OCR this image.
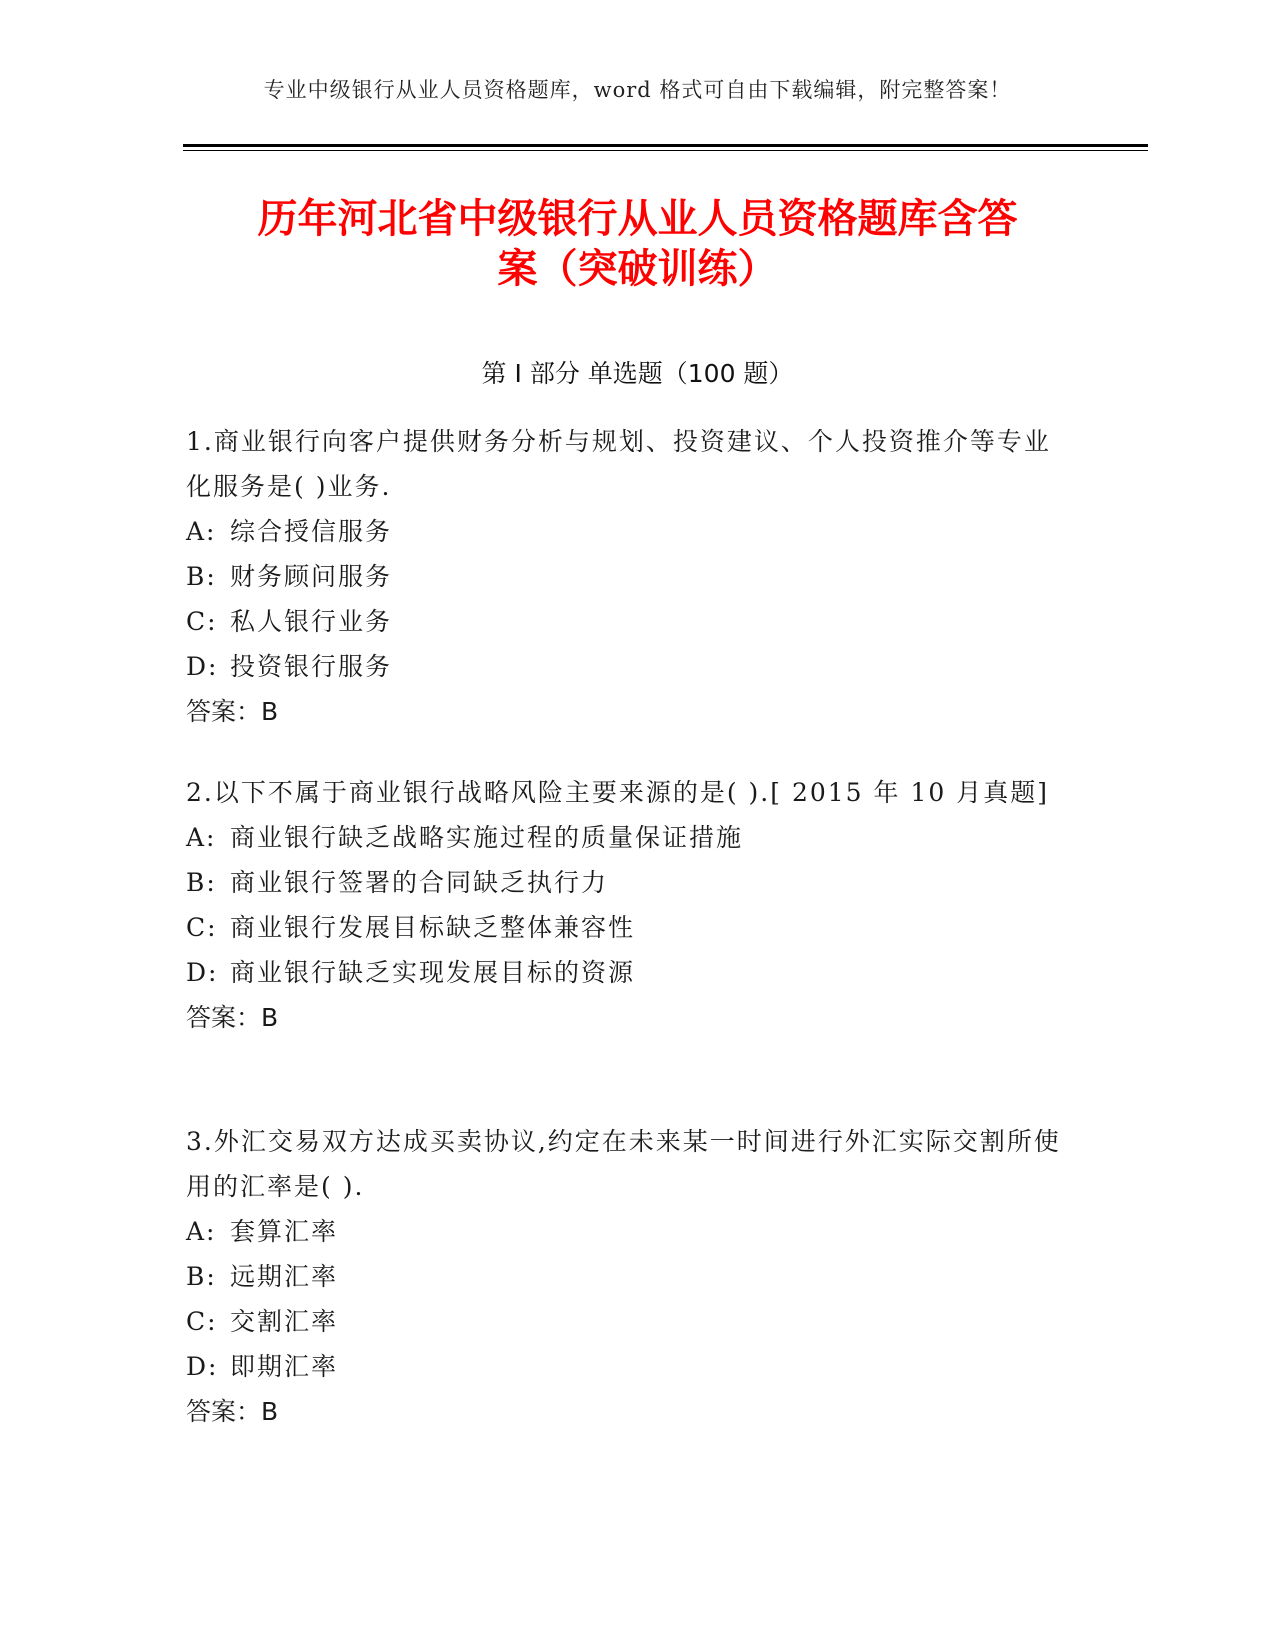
专业中级银行从业人员资格题库，word 格式可自由下载编辑，附完整答案！
历年河北省中级银行从业人员资格题库含答
案（突破训练）
第 I 部分 单选题（100 题）

1.商业银行向客户提供财务分析与规划、投资建议、个人投资推介等专业化服务是( )业务.

A: 综合授信服务
B: 财务顾问服务
C: 私人银行业务
D: 投资银行服务
答案：B

2.以下不属于商业银行战略风险主要来源的是( ).[ 2015 年 10 月真题]

A: 商业银行缺乏战略实施过程的质量保证措施
B: 商业银行签署的合同缺乏执行力
C: 商业银行发展目标缺乏整体兼容性
D: 商业银行缺乏实现发展目标的资源
答案：B

3.外汇交易双方达成买卖协议,约定在未来某一时间进行外汇实际交割所使用的汇率是( ).

A: 套算汇率
B: 远期汇率
C: 交割汇率
D: 即期汇率
答案：B
